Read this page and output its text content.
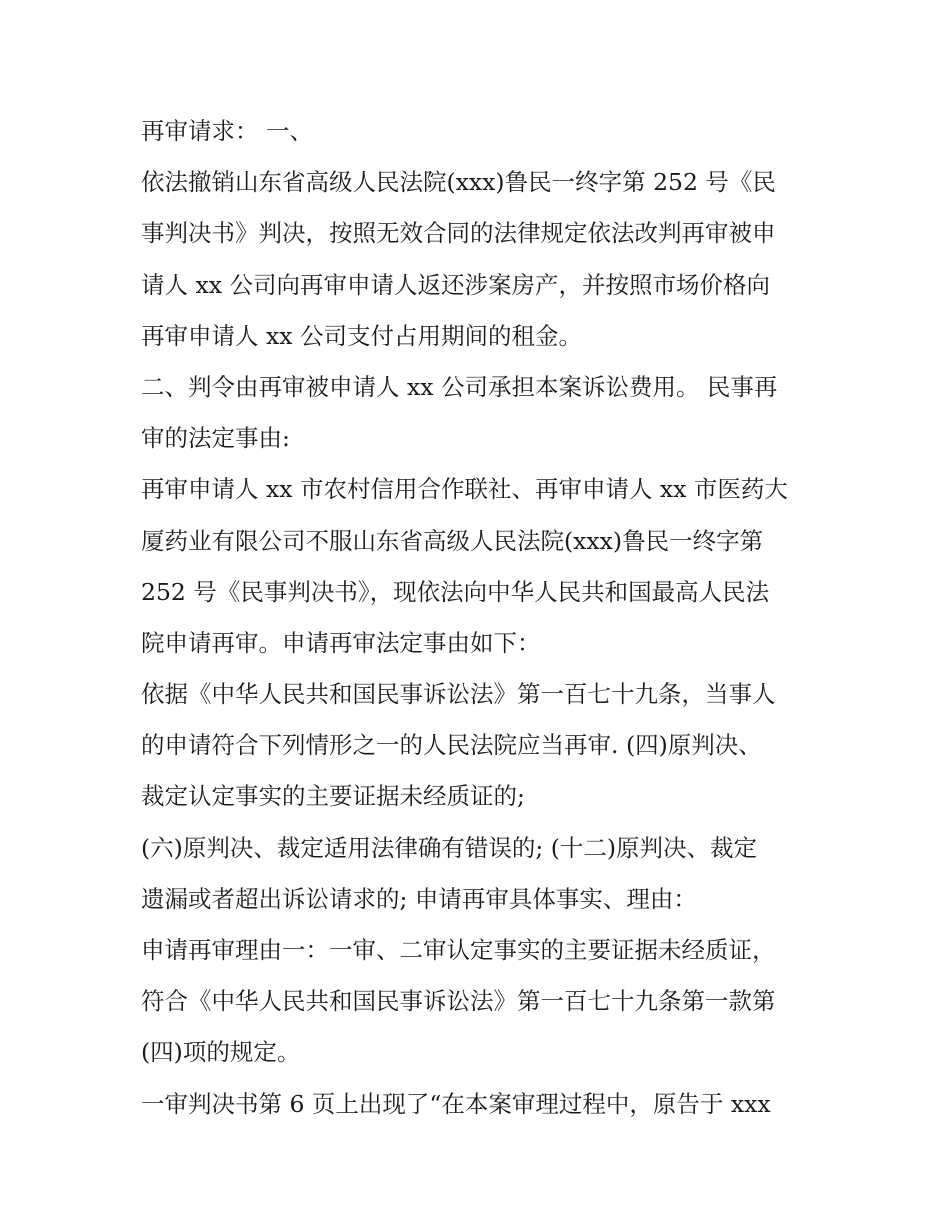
再审请求： 一、
依法撤销山东省高级人民法院(xxx)鲁民一终字第 252 号《民
事判决书》判决，按照无效合同的法律规定依法改判再审被申
请人 xx 公司向再审申请人返还涉案房产，并按照市场价格向
再审申请人 xx 公司支付占用期间的租金。
二、判令由再审被申请人 xx 公司承担本案诉讼费用。 民事再
审的法定事由:
再审申请人 xx 市农村信用合作联社、再审申请人 xx 市医药大
厦药业有限公司不服山东省高级人民法院(xxx)鲁民一终字第
252 号《民事判决书》，现依法向中华人民共和国最高人民法
院申请再审。申请再审法定事由如下：
依据《中华人民共和国民事诉讼法》第一百七十九条，当事人
的申请符合下列情形之一的人民法院应当再审. (四)原判决、
裁定认定事实的主要证据未经质证的;
(六)原判决、裁定适用法律确有错误的; (十二)原判决、裁定
遗漏或者超出诉讼请求的; 申请再审具体事实、理由：
申请再审理由一：一审、二审认定事实的主要证据未经质证，
符合《中华人民共和国民事诉讼法》第一百七十九条第一款第
(四)项的规定。
一审判决书第 6 页上出现了“在本案审理过程中，原告于 xxx
